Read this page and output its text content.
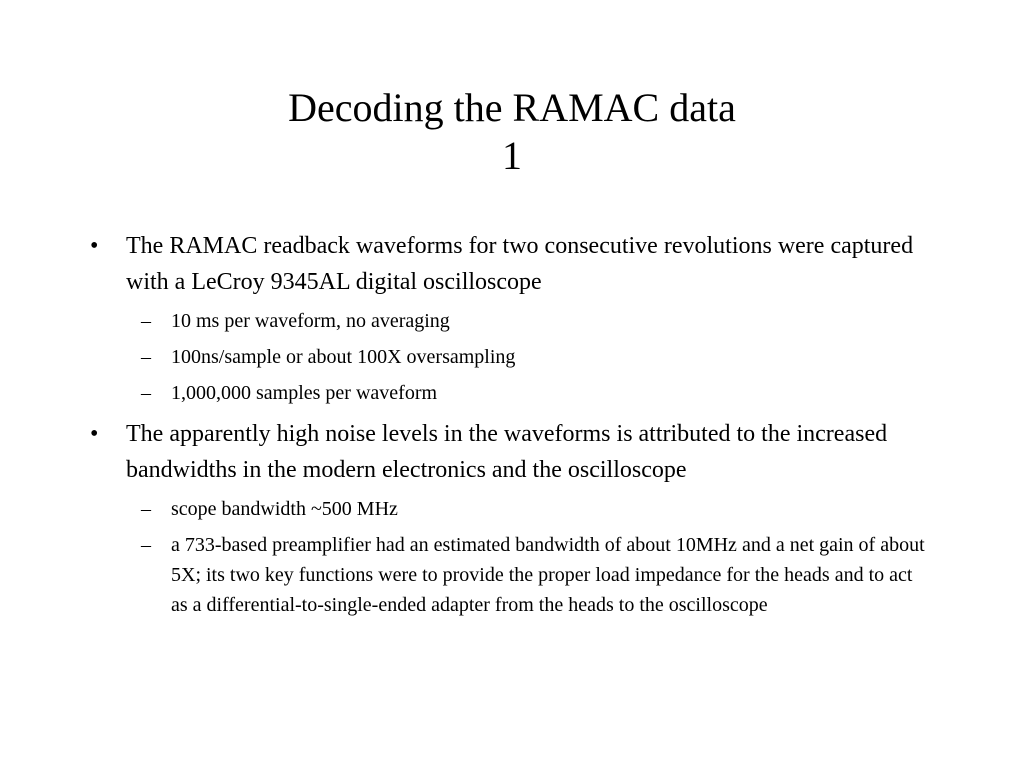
Decoding the RAMAC data
1
• The RAMAC readback waveforms for two consecutive revolutions were captured with a LeCroy 9345AL digital oscilloscope
– 10 ms per waveform, no averaging
– 100ns/sample or about 100X oversampling
– 1,000,000 samples per waveform
• The apparently high noise levels in the waveforms is attributed to the increased bandwidths in the modern electronics and the oscilloscope
– scope bandwidth ~500 MHz
– a 733-based preamplifier had an estimated bandwidth of about 10MHz and a net gain of about 5X; its two key functions were to provide the proper load impedance for the heads and to act as a differential-to-single-ended adapter from the heads to the oscilloscope
